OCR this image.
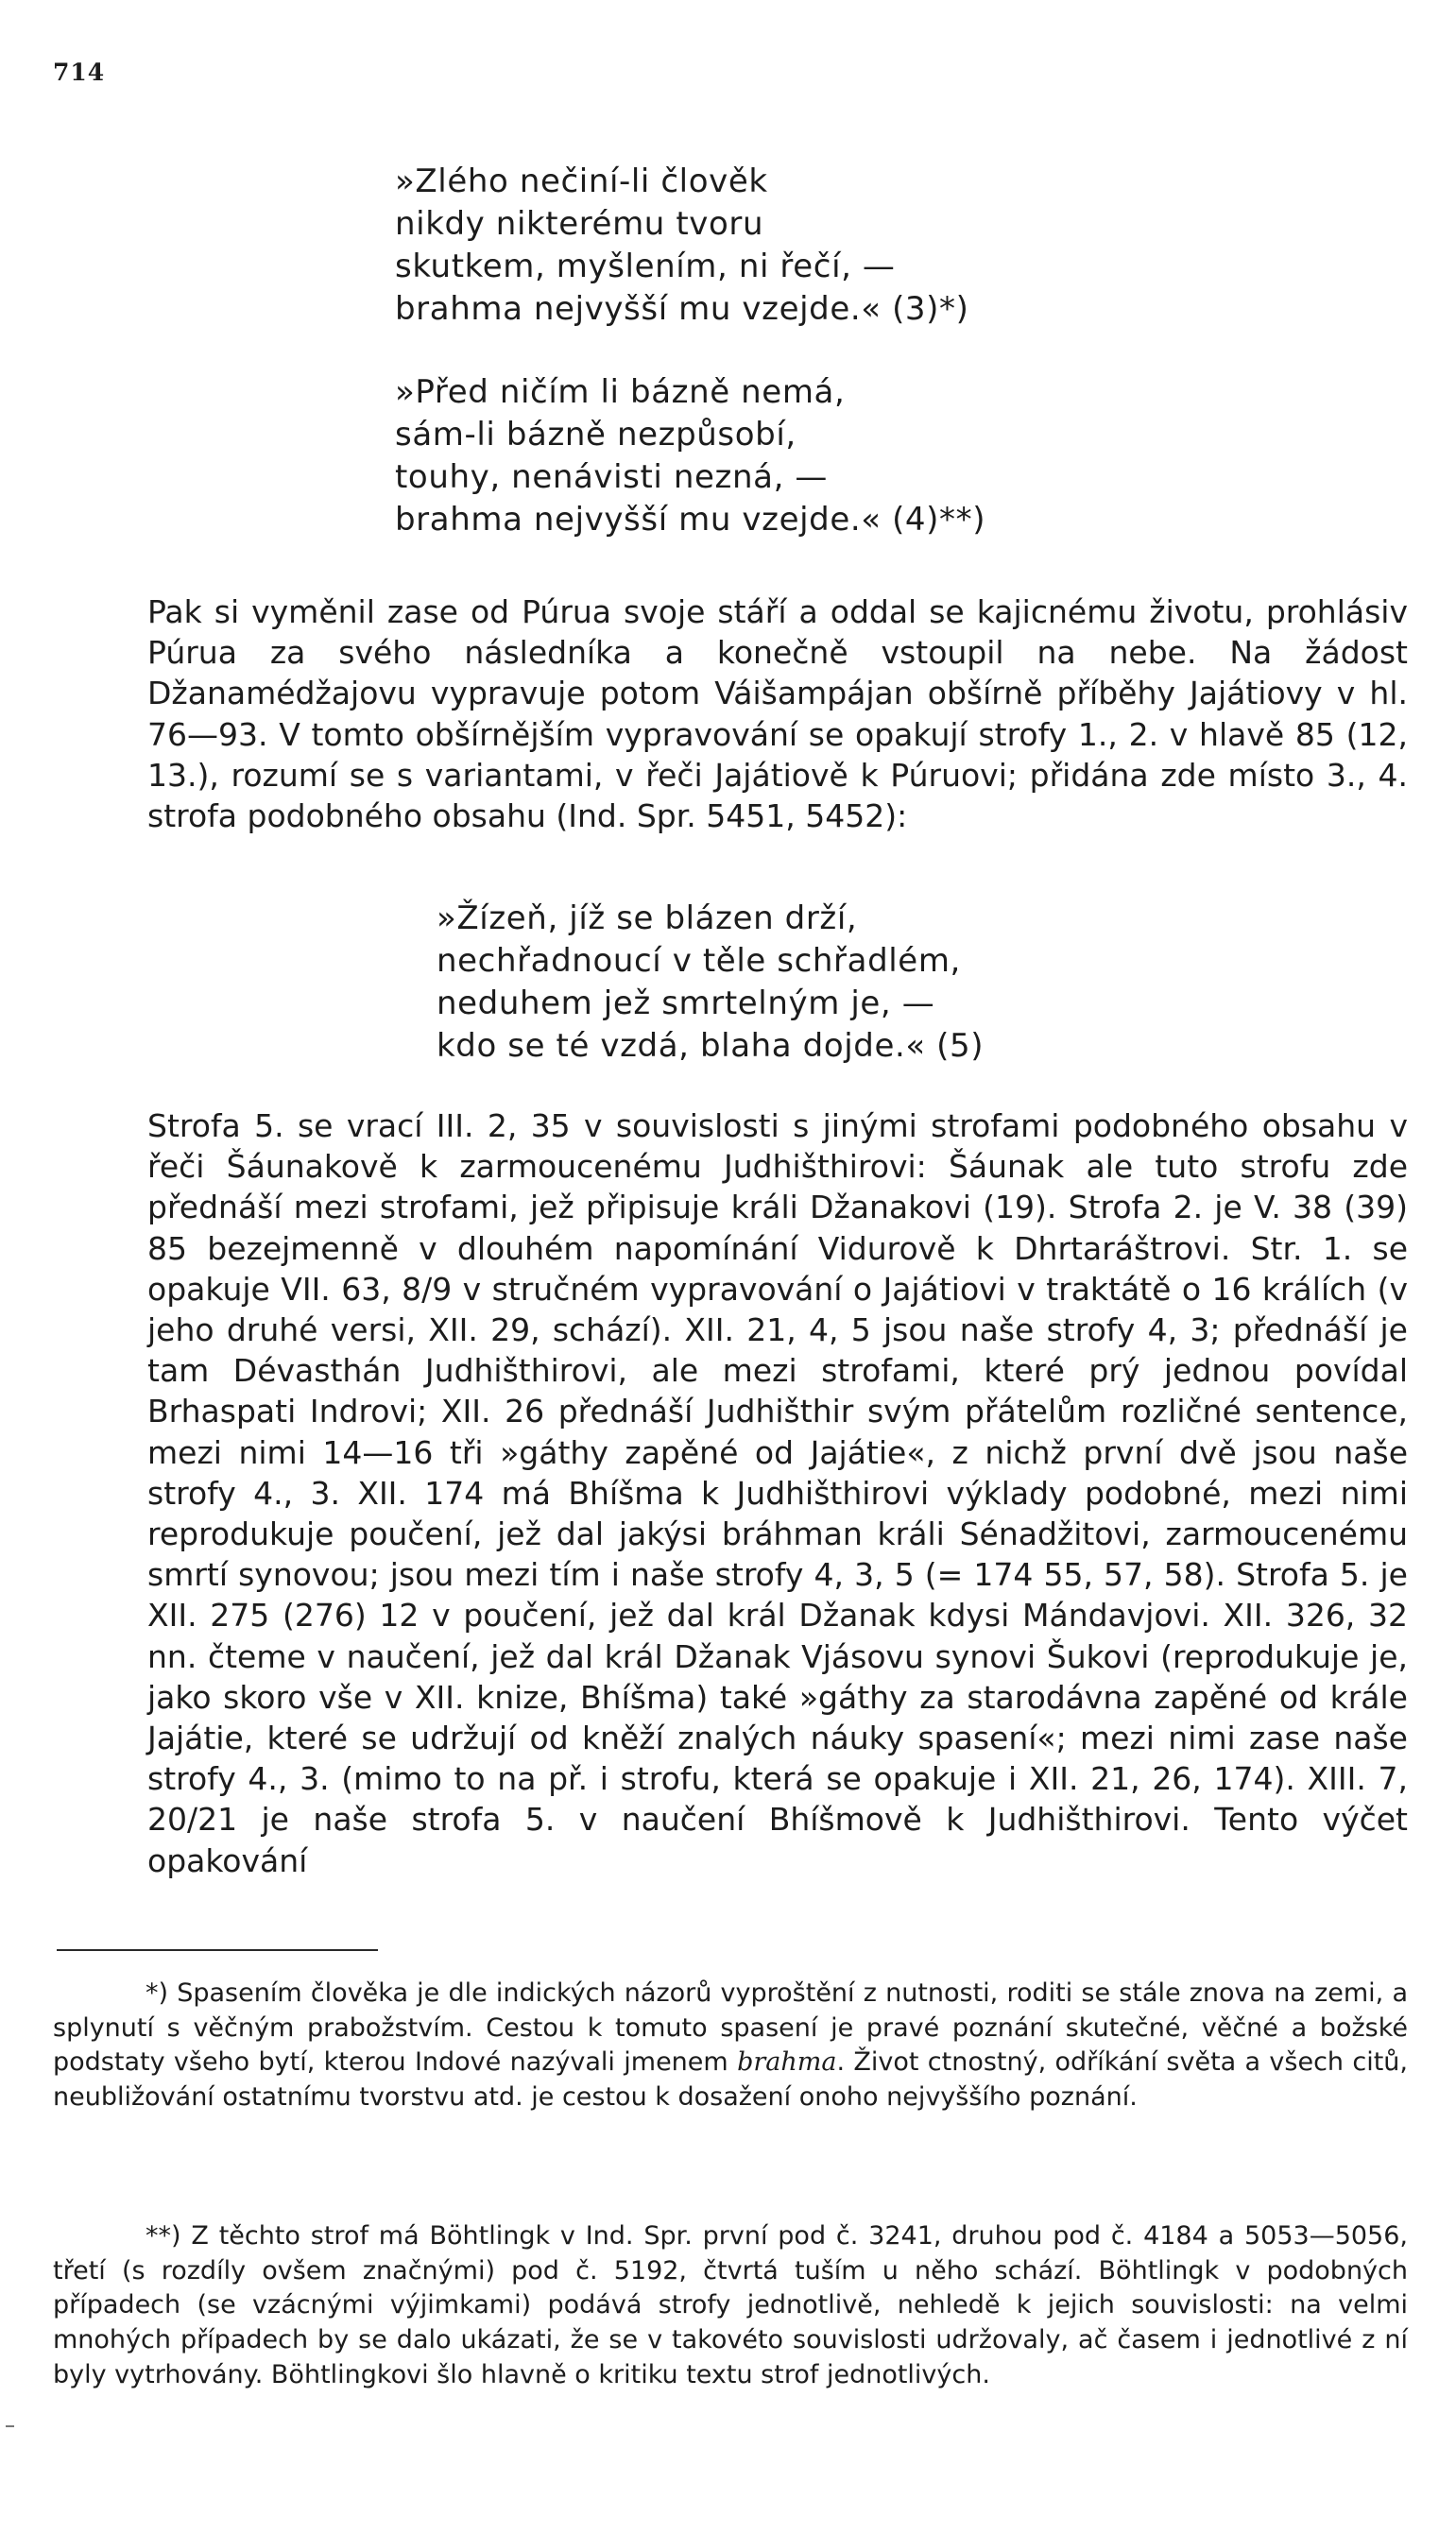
714
»Zlého nečiní-li člověk
nikdy nikterému tvoru
skutkem, myšlením, ni řečí, —
brahma nejvyšší mu vzejde.« (3)*)
»Před ničím li bázně nemá,
sám-li bázně nezpůsobí,
touhy, nenávisti nezná, —
brahma nejvyšší mu vzejde.« (4)**)
Pak si vyměnil zase od Púrua svoje stáří a oddal se kajicnému životu, prohlásiv Púrua za svého následníka a konečně vstoupil na nebe. Na žádost Džanamédžajovu vypravuje potom Váišampájan obšírně příběhy Jajátiovy v hl. 76—93. V tomto obšírnějším vypravování se opakují strofy 1., 2. v hlavě 85 (12, 13.), rozumí se s variantami, v řeči Jajátiově k Púruovi; přidána zde místo 3., 4. strofa podobného obsahu (Ind. Spr. 5451, 5452):
»Žízeň, jíž se blázen drží,
nechřadnoucí v těle schřadlém,
neduhem jež smrtelným je, —
kdo se té vzdá, blaha dojde.« (5)
Strofa 5. se vrací III. 2, 35 v souvislosti s jinými strofami podobného obsahu v řeči Šáunakově k zarmoucenému Judhišthirovi: Šáunak ale tuto strofu zde přednáší mezi strofami, jež připisuje králi Džanakovi (19). Strofa 2. je V. 38 (39) 85 bezejmenně v dlouhém napomínání Vidurově k Dhrtaráštrovi. Str. 1. se opakuje VII. 63, 8/9 v stručném vypravování o Jajátiovi v traktátě o 16 králích (v jeho druhé versi, XII. 29, schází). XII. 21, 4, 5 jsou naše strofy 4, 3; přednáší je tam Dévasthán Judhišthirovi, ale mezi strofami, které prý jednou povídal Brhaspati Indrovi; XII. 26 přednáší Judhišthir svým přátelům rozličné sentence, mezi nimi 14—16 tři »gáthy zapěné od Jajátie«, z nichž první dvě jsou naše strofy 4., 3. XII. 174 má Bhíšma k Judhišthirovi výklady podobné, mezi nimi reprodukuje poučení, jež dal jakýsi bráhman králi Sénadžitovi, zarmoucenému smrtí synovou; jsou mezi tím i naše strofy 4, 3, 5 (= 174 55, 57, 58). Strofa 5. je XII. 275 (276) 12 v poučení, jež dal král Džanak kdysi Mándavjovi. XII. 326, 32 nn. čteme v naučení, jež dal král Džanak Vjásovu synovi Šukovi (reprodukuje je, jako skoro vše v XII. knize, Bhíšma) také »gáthy za starodávna zapěné od krále Jajátie, které se udržují od kněží znalých náuky spasení«; mezi nimi zase naše strofy 4., 3. (mimo to na př. i strofu, která se opakuje i XII. 21, 26, 174). XIII. 7, 20/21 je naše strofa 5. v naučení Bhíšmově k Judhišthirovi. Tento výčet opakování
*) Spasením člověka je dle indických názorů vyproštění z nutnosti, roditi se stále znova na zemi, a splynutí s věčným prabožstvím. Cestou k tomuto spasení je pravé poznání skutečné, věčné a božské podstaty všeho bytí, kterou Indové nazývali jmenem brahma. Život ctnostný, odříkání světa a všech citů, neubližování ostatnímu tvorstvu atd. je cestou k dosažení onoho nejvyššího poznání.
**) Z těchto strof má Böhtlingk v Ind. Spr. první pod č. 3241, druhou pod č. 4184 a 5053—5056, třetí (s rozdíly ovšem značnými) pod č. 5192, čtvrtá tuším u něho schází. Böhtlingk v podobných případech (se vzácnými výjimkami) podává strofy jednotlivě, nehledě k jejich souvislosti: na velmi mnohých případech by se dalo ukázati, že se v takovéto souvislosti udržovaly, ač časem i jednotlivé z ní byly vytrhovány. Böhtlingkovi šlo hlavně o kritiku textu strof jednotlivých.
